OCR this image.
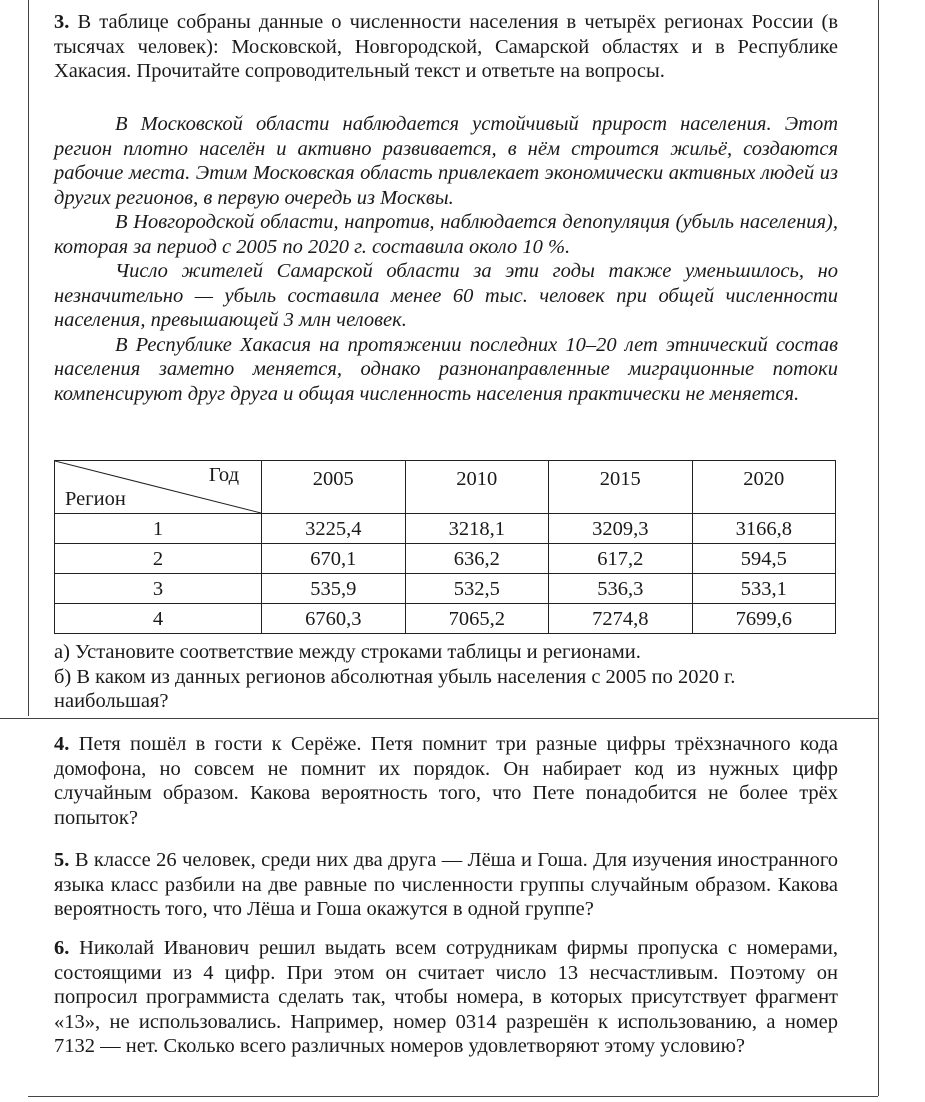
3. В таблице собраны данные о численности населения в четырёх регионах России (в тысячах человек): Московской, Новгородской, Самарской областях и в Республике Хакасия. Прочитайте сопроводительный текст и ответьте на вопросы.

В Московской области наблюдается устойчивый прирост населения. Этот регион плотно населён и активно развивается, в нём строится жильё, создаются рабочие места. Этим Московская область привлекает экономически активных людей из других регионов, в первую очередь из Москвы.

В Новгородской области, напротив, наблюдается депопуляция (убыль населения), которая за период с 2005 по 2020 г. составила около 10 %.

Число жителей Самарской области за эти годы также уменьшилось, но незначительно — убыль составила менее 60 тыс. человек при общей численности населения, превышающей 3 млн человек.

В Республике Хакасия на протяжении последних 10–20 лет этнический состав населения заметно меняется, однако разнонаправленные миграционные потоки компенсируют друг друга и общая численность населения практически не меняется.

Год
Регион	2005	2010	2015	2020
1	3225,4	3218,1	3209,3	3166,8
2	670,1	636,2	617,2	594,5
3	535,9	532,5	536,3	533,1
4	6760,3	7065,2	7274,8	7699,6

а) Установите соответствие между строками таблицы и регионами.

б) В каком из данных регионов абсолютная убыль населения с 2005 по 2020 г. наибольшая?

4. Петя пошёл в гости к Серёже. Петя помнит три разные цифры трёхзначного кода домофона, но совсем не помнит их порядок. Он набирает код из нужных цифр случайным образом. Какова вероятность того, что Пете понадобится не более трёх попыток?

5. В классе 26 человек, среди них два друга — Лёша и Гоша. Для изучения иностранного языка класс разбили на две равные по численности группы случайным образом. Какова вероятность того, что Лёша и Гоша окажутся в одной группе?

6. Николай Иванович решил выдать всем сотрудникам фирмы пропуска с номерами, состоящими из 4 цифр. При этом он считает число 13 несчастливым. Поэтому он попросил программиста сделать так, чтобы номера, в которых присутствует фрагмент «13», не использовались. Например, номер 0314 разрешён к использованию, а номер 7132 — нет. Сколько всего различных номеров удовлетворяют этому условию?
